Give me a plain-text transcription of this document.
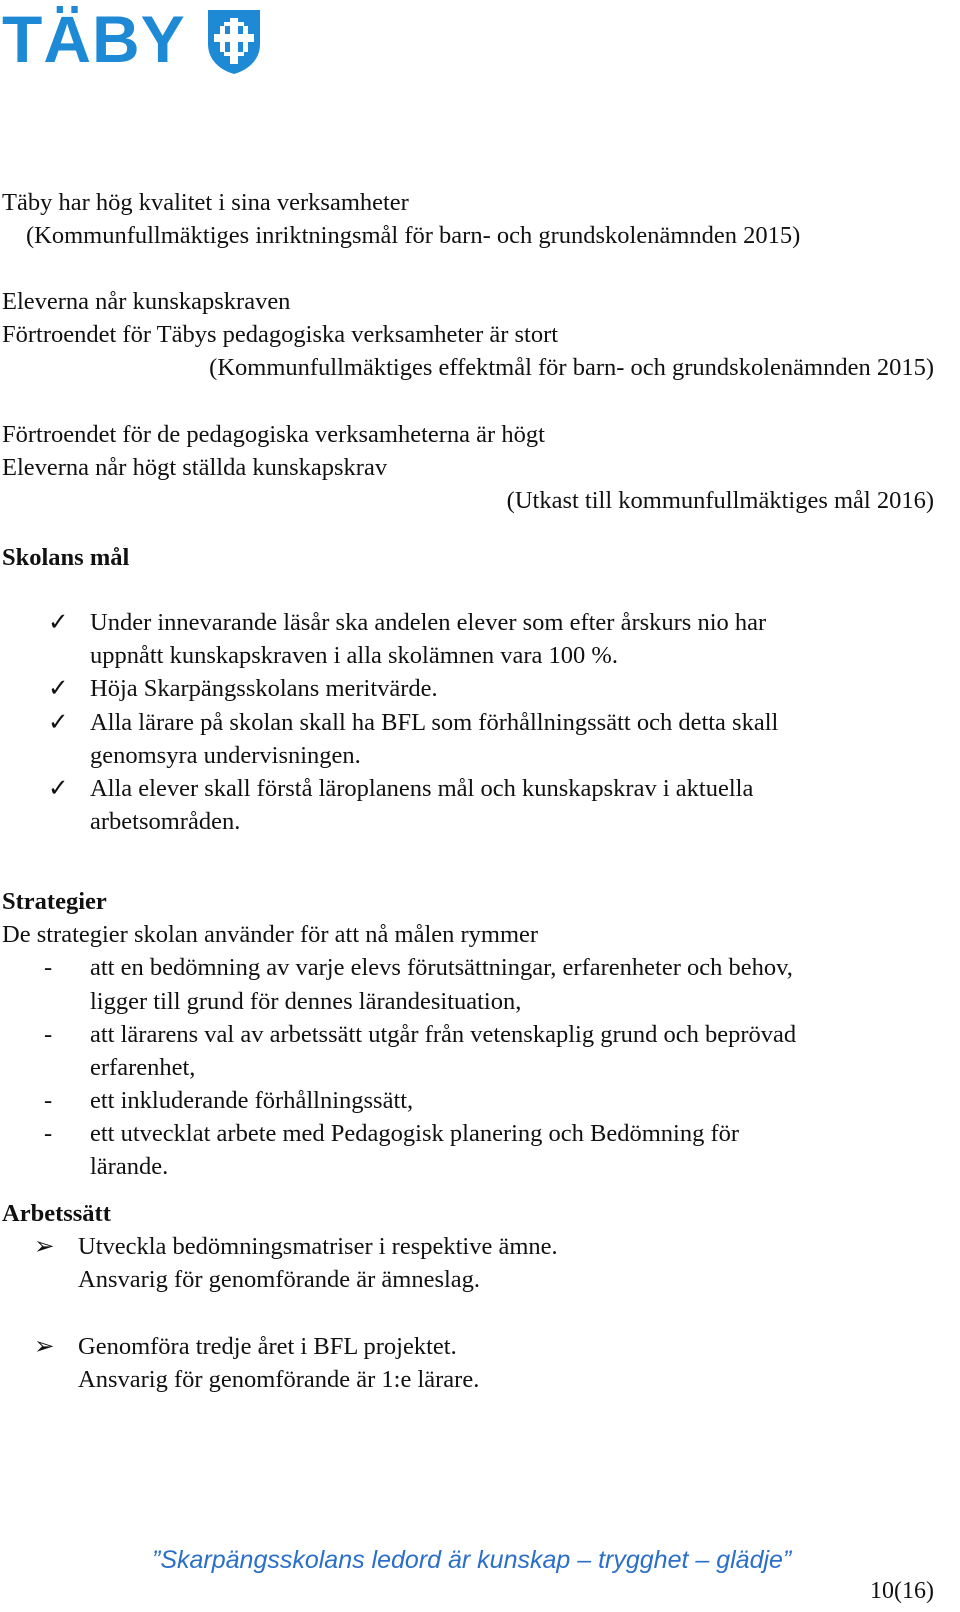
TÄBY
Täby har hög kvalitet i sina verksamheter
(Kommunfullmäktiges inriktningsmål för barn- och grundskolenämnden 2015)
Eleverna når kunskapskraven
Förtroendet för Täbys pedagogiska verksamheter är stort
(Kommunfullmäktiges effektmål för barn- och grundskolenämnden 2015)
Förtroendet för de pedagogiska verksamheterna är högt
Eleverna når högt ställda kunskapskrav
(Utkast till kommunfullmäktiges mål 2016)
Skolans mål
✓ Under innevarande läsår ska andelen elever som efter årskurs nio har
uppnått kunskapskraven i alla skolämnen vara 100 %.
✓ Höja Skarpängsskolans meritvärde.
✓ Alla lärare på skolan skall ha BFL som förhållningssätt och detta skall
genomsyra undervisningen.
✓ Alla elever skall förstå läroplanens mål och kunskapskrav i aktuella
arbetsområden.
Strategier
De strategier skolan använder för att nå målen rymmer
- att en bedömning av varje elevs förutsättningar, erfarenheter och behov,
ligger till grund för dennes lärandesituation,
- att lärarens val av arbetssätt utgår från vetenskaplig grund och beprövad
erfarenhet,
- ett inkluderande förhållningssätt,
- ett utvecklat arbete med Pedagogisk planering och Bedömning för
lärande.
Arbetssätt
➢ Utveckla bedömningsmatriser i respektive ämne.
Ansvarig för genomförande är ämneslag.
➢ Genomföra tredje året i BFL projektet.
Ansvarig för genomförande är 1:e lärare.
”Skarpängsskolans ledord är kunskap – trygghet – glädje”
10(16)
